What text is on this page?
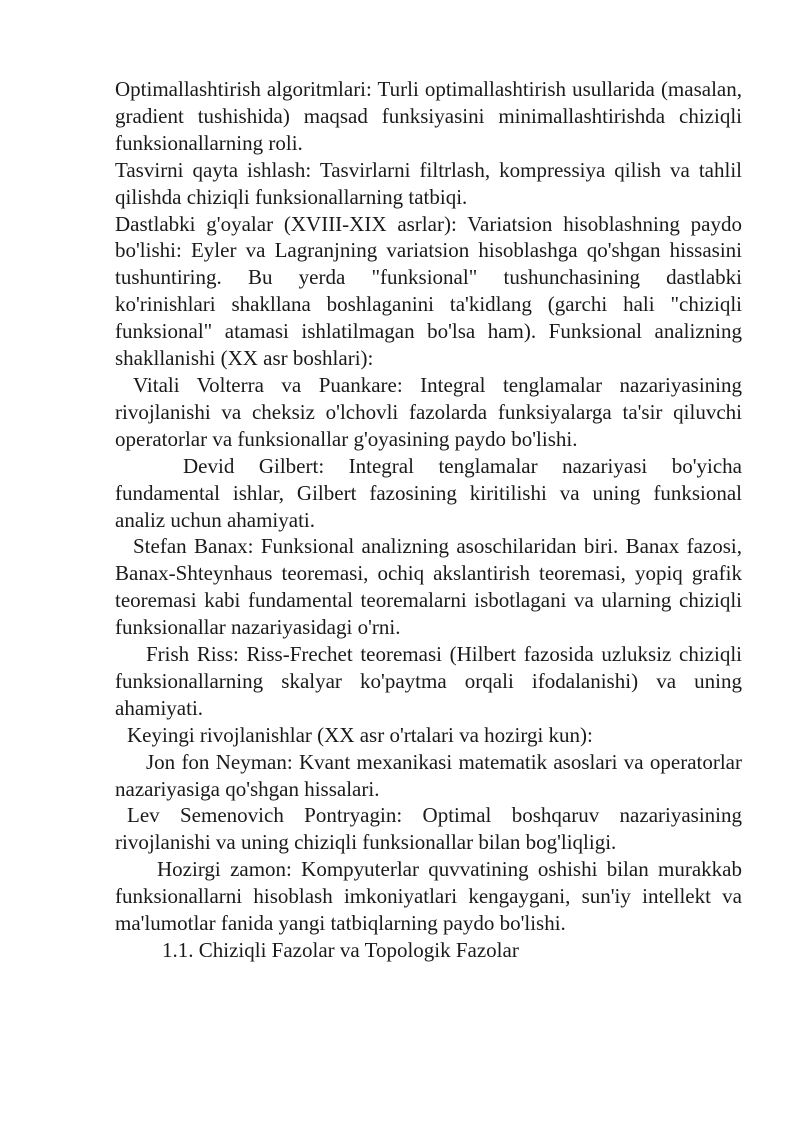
Optimallashtirish algoritmlari: Turli optimallashtirish usullarida (masalan, gradient tushishida) maqsad funksiyasini minimallashtirishda chiziqli funksionallarning roli.

Tasvirni qayta ishlash: Tasvirlarni filtrlash, kompressiya qilish va tahlil qilishda chiziqli funksionallarning tatbiqi.

Dastlabki g'oyalar (XVIII-XIX asrlar): Variatsion hisoblashning paydo bo'lishi: Eyler va Lagranjning variatsion hisoblashga qo'shgan hissasini tushuntiring. Bu yerda "funksional" tushunchasining dastlabki ko'rinishlari shakllana boshlaganini ta'kidlang (garchi hali "chiziqli funksional" atamasi ishlatilmagan bo'lsa ham). Funksional analizning shakllanishi (XX asr boshlari):

Vitali Volterra va Puankare: Integral tenglamalar nazariyasining rivojlanishi va cheksiz o'lchovli fazolarda funksiyalarga ta'sir qiluvchi operatorlar va funksionallar g'oyasining paydo bo'lishi.

Devid Gilbert: Integral tenglamalar nazariyasi bo'yicha fundamental ishlar, Gilbert fazosining kiritilishi va uning funksional analiz uchun ahamiyati.

Stefan Banax: Funksional analizning asoschilaridan biri. Banax fazosi, Banax-Shteynhaus teoremasi, ochiq akslantirish teoremasi, yopiq grafik teoremasi kabi fundamental teoremalarni isbotlagani va ularning chiziqli funksionallar nazariyasidagi o'rni.

Frish Riss: Riss-Frechet teoremasi (Hilbert fazosida uzluksiz chiziqli funksionallarning skalyar ko'paytma orqali ifodalanishi) va uning ahamiyati.

Keyingi rivojlanishlar (XX asr o'rtalari va hozirgi kun):

Jon fon Neyman: Kvant mexanikasi matematik asoslari va operatorlar nazariyasiga qo'shgan hissalari.

Lev Semenovich Pontryagin: Optimal boshqaruv nazariyasining rivojlanishi va uning chiziqli funksionallar bilan bog'liqligi.

Hozirgi zamon: Kompyuterlar quvvatining oshishi bilan murakkab funksionallarni hisoblash imkoniyatlari kengaygani, sun'iy intellekt va ma'lumotlar fanida yangi tatbiqlarning paydo bo'lishi.

1.1. Chiziqli Fazolar va Topologik Fazolar
